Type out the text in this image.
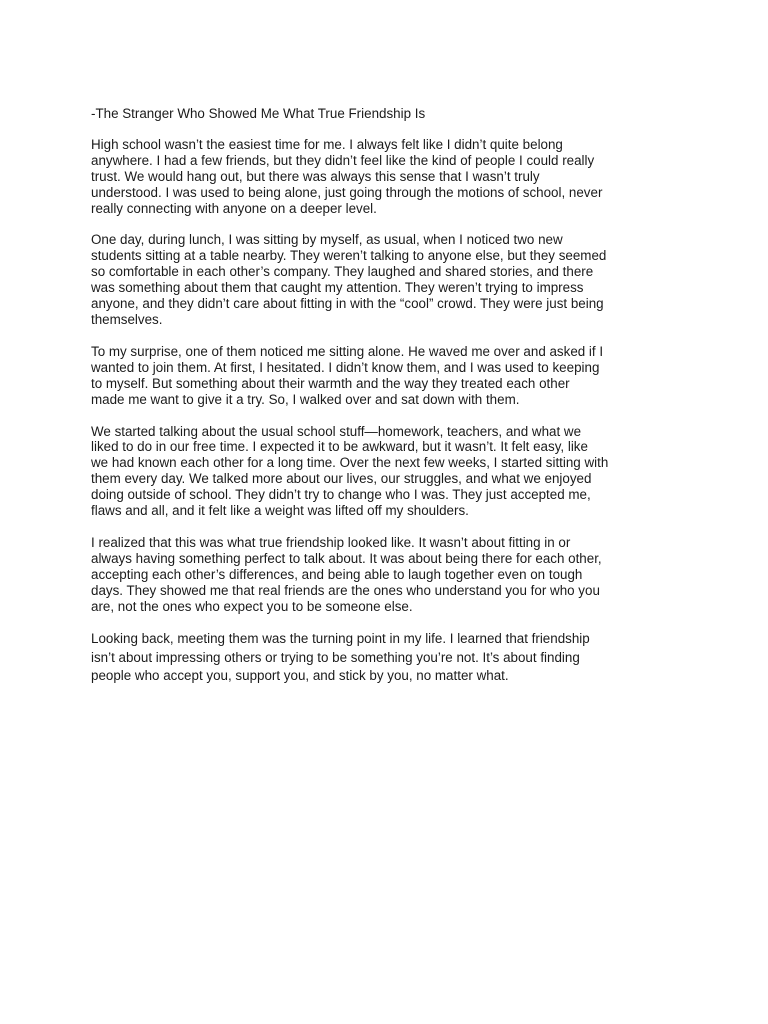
-The Stranger Who Showed Me What True Friendship Is
High school wasn’t the easiest time for me. I always felt like I didn’t quite belong
anywhere. I had a few friends, but they didn’t feel like the kind of people I could really
trust. We would hang out, but there was always this sense that I wasn’t truly
understood. I was used to being alone, just going through the motions of school, never
really connecting with anyone on a deeper level.
One day, during lunch, I was sitting by myself, as usual, when I noticed two new
students sitting at a table nearby. They weren’t talking to anyone else, but they seemed
so comfortable in each other’s company. They laughed and shared stories, and there
was something about them that caught my attention. They weren’t trying to impress
anyone, and they didn’t care about fitting in with the “cool” crowd. They were just being
themselves.
To my surprise, one of them noticed me sitting alone. He waved me over and asked if I
wanted to join them. At first, I hesitated. I didn’t know them, and I was used to keeping
to myself. But something about their warmth and the way they treated each other
made me want to give it a try. So, I walked over and sat down with them.
We started talking about the usual school stuff—homework, teachers, and what we
liked to do in our free time. I expected it to be awkward, but it wasn’t. It felt easy, like
we had known each other for a long time. Over the next few weeks, I started sitting with
them every day. We talked more about our lives, our struggles, and what we enjoyed
doing outside of school. They didn’t try to change who I was. They just accepted me,
flaws and all, and it felt like a weight was lifted off my shoulders.
I realized that this was what true friendship looked like. It wasn’t about fitting in or
always having something perfect to talk about. It was about being there for each other,
accepting each other’s differences, and being able to laugh together even on tough
days. They showed me that real friends are the ones who understand you for who you
are, not the ones who expect you to be someone else.
Looking back, meeting them was the turning point in my life. I learned that friendship
isn’t about impressing others or trying to be something you’re not. It’s about finding
people who accept you, support you, and stick by you, no matter what.
